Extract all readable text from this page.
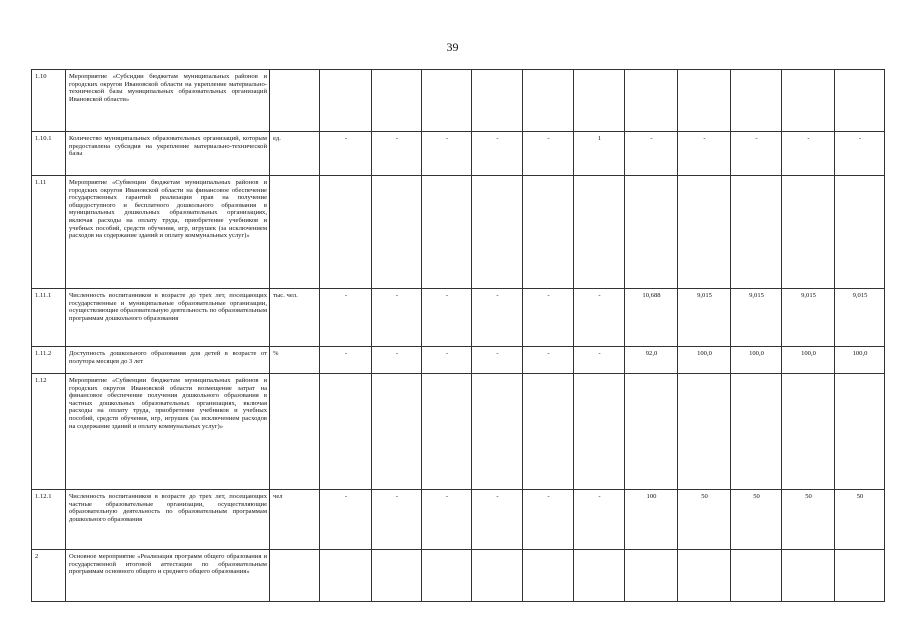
39
1.10	Мероприятие «Субсидии бюджетам муниципальных районов и городских округов Ивановской области на укрепление материально-технической базы муниципальных образовательных организаций Ивановской области»												
1.10.1	Количество муниципальных образовательных организаций, которым предоставлена субсидия на укрепление материально-технической базы	ед.	-	-	-	-	-	1	-	-	-	-	-
1.11	Мероприятие «Субвенции бюджетам муниципальных районов и городских округов Ивановской области на финансовое обеспечение государственных гарантий реализации прав на получение общедоступного и бесплатного дошкольного образования в муниципальных дошкольных образовательных организациях, включая расходы на оплату труда, приобретение учебников и учебных пособий, средств обучения, игр, игрушек (за исключением расходов на содержание зданий и оплату коммунальных услуг)»												
1.11.1	Численность воспитанников в возрасте до трех лет, посещающих государственные и муниципальные образовательные организации, осуществляющие образовательную деятельность по образовательным программам дошкольного образования	тыс. чел.	-	-	-	-	-	-	10,688	9,015	9,015	9,015	9,015
1.11.2	Доступность дошкольного образования для детей в возрасте от полутора месяцев до 3 лет	%	-	-	-	-	-	-	92,0	100,0	100,0	100,0	100,0
1.12	Мероприятие «Субвенции бюджетам муниципальных районов и городских округов Ивановской области возмещение затрат на финансовое обеспечение получения дошкольного образования в частных дошкольных образовательных организациях, включая расходы на оплату труда, приобретение учебников и учебных пособий, средств обучения, игр, игрушек (за исключением расходов на содержание зданий и оплату коммунальных услуг)»												
1.12.1	Численность воспитанников в возрасте до трех лет, посещающих частные образовательные организации, осуществляющие образовательную деятельность по образовательным программам дошкольного образования	чел	-	-	-	-	-	-	100	50	50	50	50
2	Основное мероприятие «Реализация программ общего образования и государственной итоговой аттестации по образовательным программам основного общего и среднего общего образования»												
